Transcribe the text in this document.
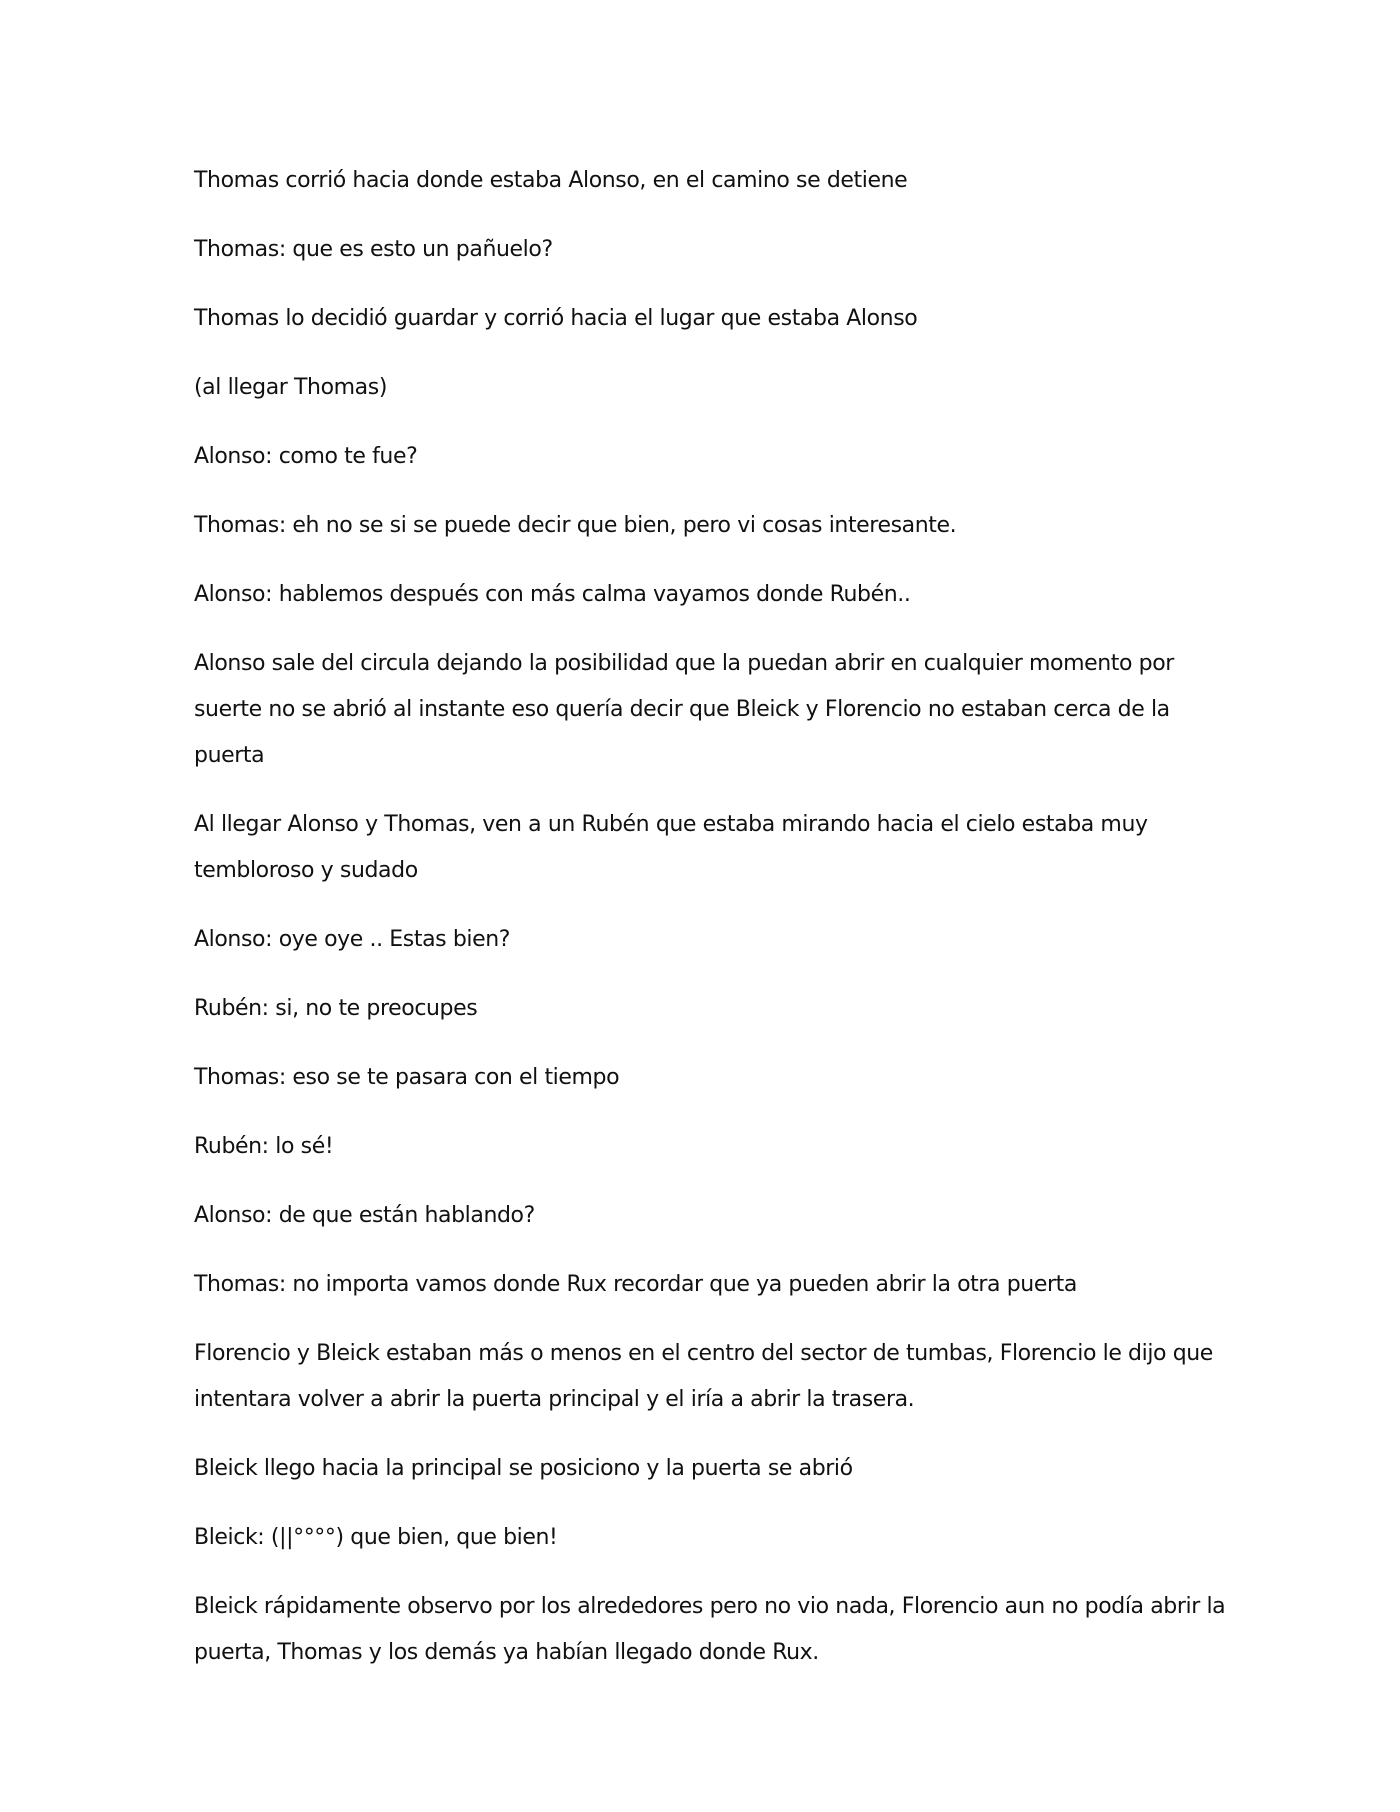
Thomas corrió hacia donde estaba Alonso, en el camino se detiene

Thomas: que es esto un pañuelo?

Thomas lo decidió guardar y corrió hacia el lugar que estaba Alonso

(al llegar Thomas)

Alonso: como te fue?

Thomas: eh no se si se puede decir que bien, pero vi cosas interesante.

Alonso: hablemos después con más calma vayamos donde Rubén..

Alonso sale del circula dejando la posibilidad que la puedan abrir en cualquier momento por suerte no se abrió al instante eso quería decir que Bleick y Florencio no estaban cerca de la puerta

Al llegar Alonso y Thomas, ven a un Rubén que estaba mirando hacia el cielo estaba muy tembloroso y sudado

Alonso: oye oye .. Estas bien?

Rubén: si, no te preocupes

Thomas: eso se te pasara con el tiempo

Rubén: lo sé!

Alonso: de que están hablando?

Thomas: no importa vamos donde Rux recordar que ya pueden abrir la otra puerta

Florencio y Bleick estaban más o menos en el centro del sector de tumbas, Florencio le dijo que intentara volver a abrir la puerta principal y el iría a abrir la trasera.

Bleick llego hacia la principal se posiciono y la puerta se abrió

Bleick: (||°°°°) que bien, que bien!

Bleick rápidamente observo por los alrededores pero no vio nada, Florencio aun no podía abrir la puerta, Thomas y los demás ya habían llegado donde Rux.
